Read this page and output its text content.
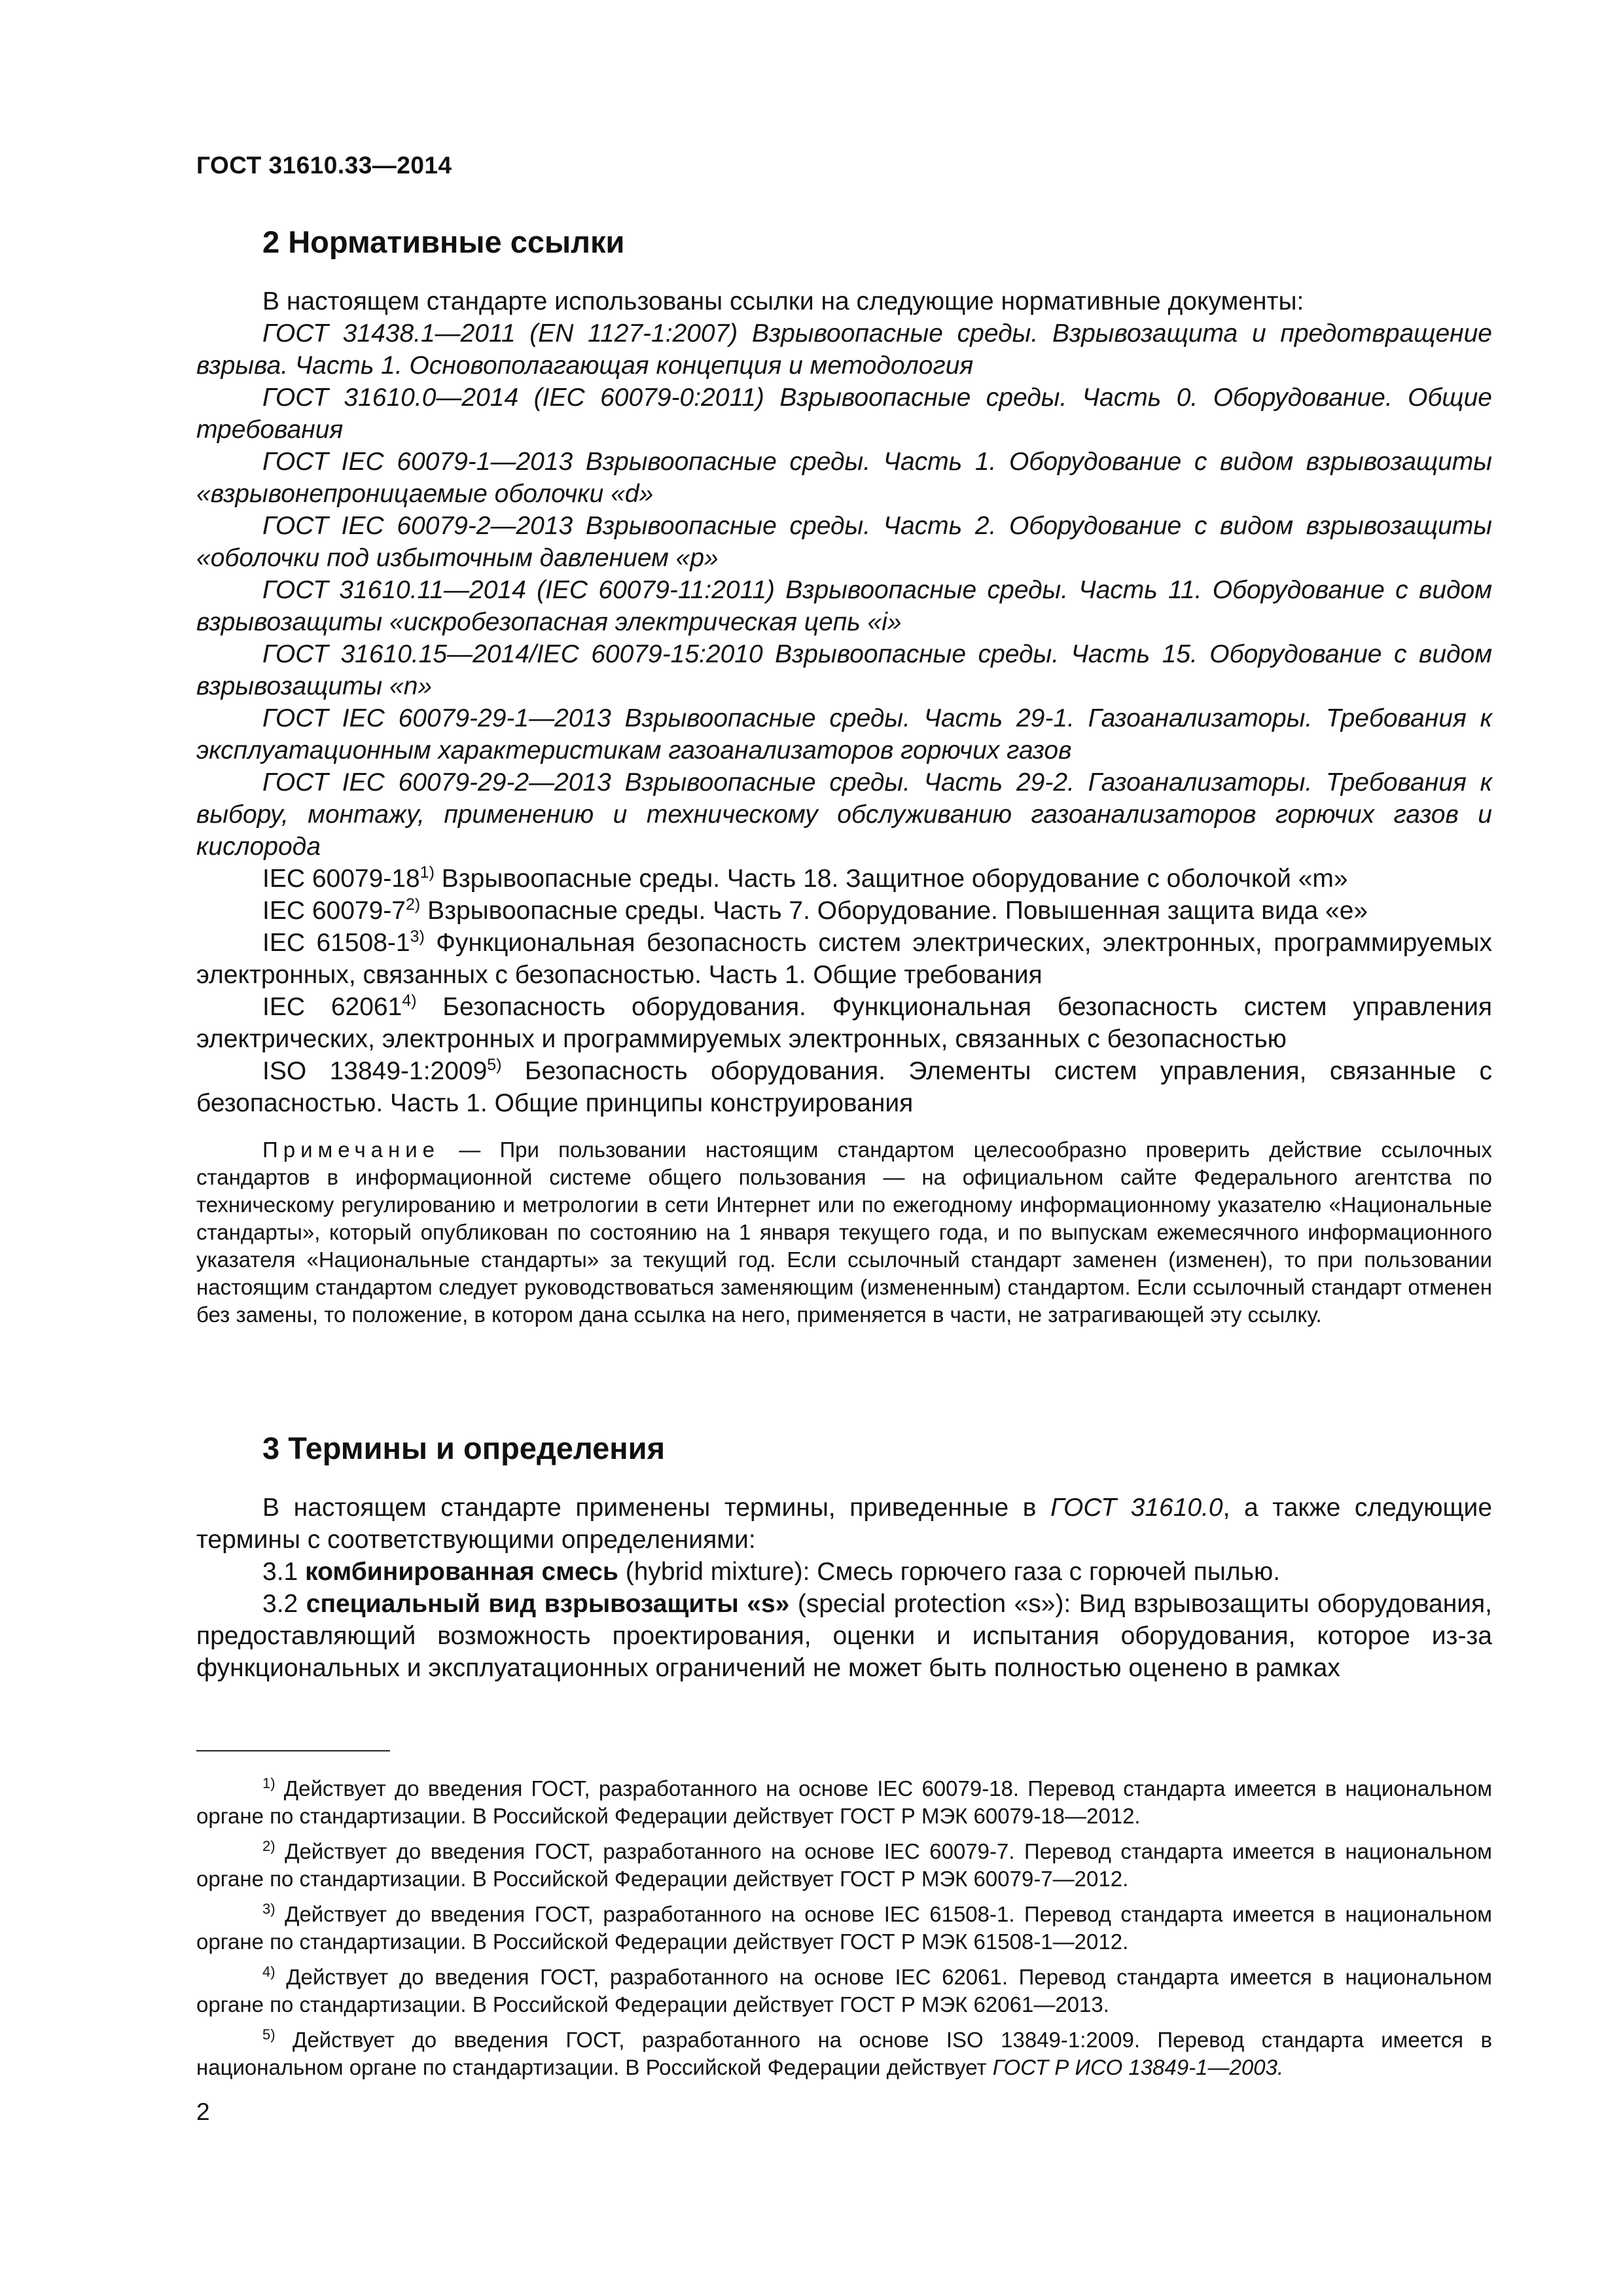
ГОСТ 31610.33—2014
2 Нормативные ссылки

В настоящем стандарте использованы ссылки на следующие нормативные документы:

ГОСТ 31438.1—2011 (EN 1127-1:2007) Взрывоопасные среды. Взрывозащита и предотвращение взрыва. Часть 1. Основополагающая концепция и методология

ГОСТ 31610.0—2014 (IEC 60079-0:2011) Взрывоопасные среды. Часть 0. Оборудование. Общие требования

ГОСТ IEC 60079-1—2013 Взрывоопасные среды. Часть 1. Оборудование с видом взрывозащиты «взрывонепроницаемые оболочки «d»

ГОСТ IEC 60079-2—2013 Взрывоопасные среды. Часть 2. Оборудование с видом взрывозащиты «оболочки под избыточным давлением «р»

ГОСТ 31610.11—2014 (IEC 60079-11:2011) Взрывоопасные среды. Часть 11. Оборудование с видом взрывозащиты «искробезопасная электрическая цепь «i»

ГОСТ 31610.15—2014/IEC 60079-15:2010 Взрывоопасные среды. Часть 15. Оборудование с видом взрывозащиты «n»

ГОСТ IEC 60079-29-1—2013 Взрывоопасные среды. Часть 29-1. Газоанализаторы. Требования к эксплуатационным характеристикам газоанализаторов горючих газов

ГОСТ IEC 60079-29-2—2013 Взрывоопасные среды. Часть 29-2. Газоанализаторы. Требования к выбору, монтажу, применению и техническому обслуживанию газоанализаторов горючих газов и кислорода

IEC 60079-18$^{1)}$ Взрывоопасные среды. Часть 18. Защитное оборудование с оболочкой «m»

IEC 60079-7$^{2)}$ Взрывоопасные среды. Часть 7. Оборудование. Повышенная защита вида «е»

IEC 61508-1$^{3)}$ Функциональная безопасность систем электрических, электронных, программируемых электронных, связанных с безопасностью. Часть 1. Общие требования

IEC 62061$^{4)}$ Безопасность оборудования. Функциональная безопасность систем управления электрических, электронных и программируемых электронных, связанных с безопасностью

ISO 13849-1:2009$^{5)}$ Безопасность оборудования. Элементы систем управления, связанные с безопасностью. Часть 1. Общие принципы конструирования

Примечание — При пользовании настоящим стандартом целесообразно проверить действие ссылочных стандартов в информационной системе общего пользования — на официальном сайте Федерального агентства по техническому регулированию и метрологии в сети Интернет или по ежегодному информационному указателю «Национальные стандарты», который опубликован по состоянию на 1 января текущего года, и по выпускам ежемесячного информационного указателя «Национальные стандарты» за текущий год. Если ссылочный стандарт заменен (изменен), то при пользовании настоящим стандартом следует руководствоваться заменяющим (измененным) стандартом. Если ссылочный стандарт отменен без замены, то положение, в котором дана ссылка на него, применяется в части, не затрагивающей эту ссылку.

3 Термины и определения

В настоящем стандарте применены термины, приведенные в ГОСТ 31610.0, а также следующие термины с соответствующими определениями:

3.1 комбинированная смесь (hybrid mixture): Смесь горючего газа с горючей пылью.

3.2 специальный вид взрывозащиты «s» (special protection «s»): Вид взрывозащиты оборудования, предоставляющий возможность проектирования, оценки и испытания оборудования, которое из-за функциональных и эксплуатационных ограничений не может быть полностью оценено в рамках

$^{1)}$ Действует до введения ГОСТ, разработанного на основе IEC 60079-18. Перевод стандарта имеется в национальном органе по стандартизации. В Российской Федерации действует ГОСТ Р МЭК 60079-18—2012.

$^{2)}$ Действует до введения ГОСТ, разработанного на основе IEC 60079-7. Перевод стандарта имеется в национальном органе по стандартизации. В Российской Федерации действует ГОСТ Р МЭК 60079-7—2012.

$^{3)}$ Действует до введения ГОСТ, разработанного на основе IEC 61508-1. Перевод стандарта имеется в национальном органе по стандартизации. В Российской Федерации действует ГОСТ Р МЭК 61508-1—2012.

$^{4)}$ Действует до введения ГОСТ, разработанного на основе IEC 62061. Перевод стандарта имеется в национальном органе по стандартизации. В Российской Федерации действует ГОСТ Р МЭК 62061—2013.

$^{5)}$ Действует до введения ГОСТ, разработанного на основе ISO 13849-1:2009. Перевод стандарта имеется в национальном органе по стандартизации. В Российской Федерации действует ГОСТ Р ИСО 13849-1—2003.

2
